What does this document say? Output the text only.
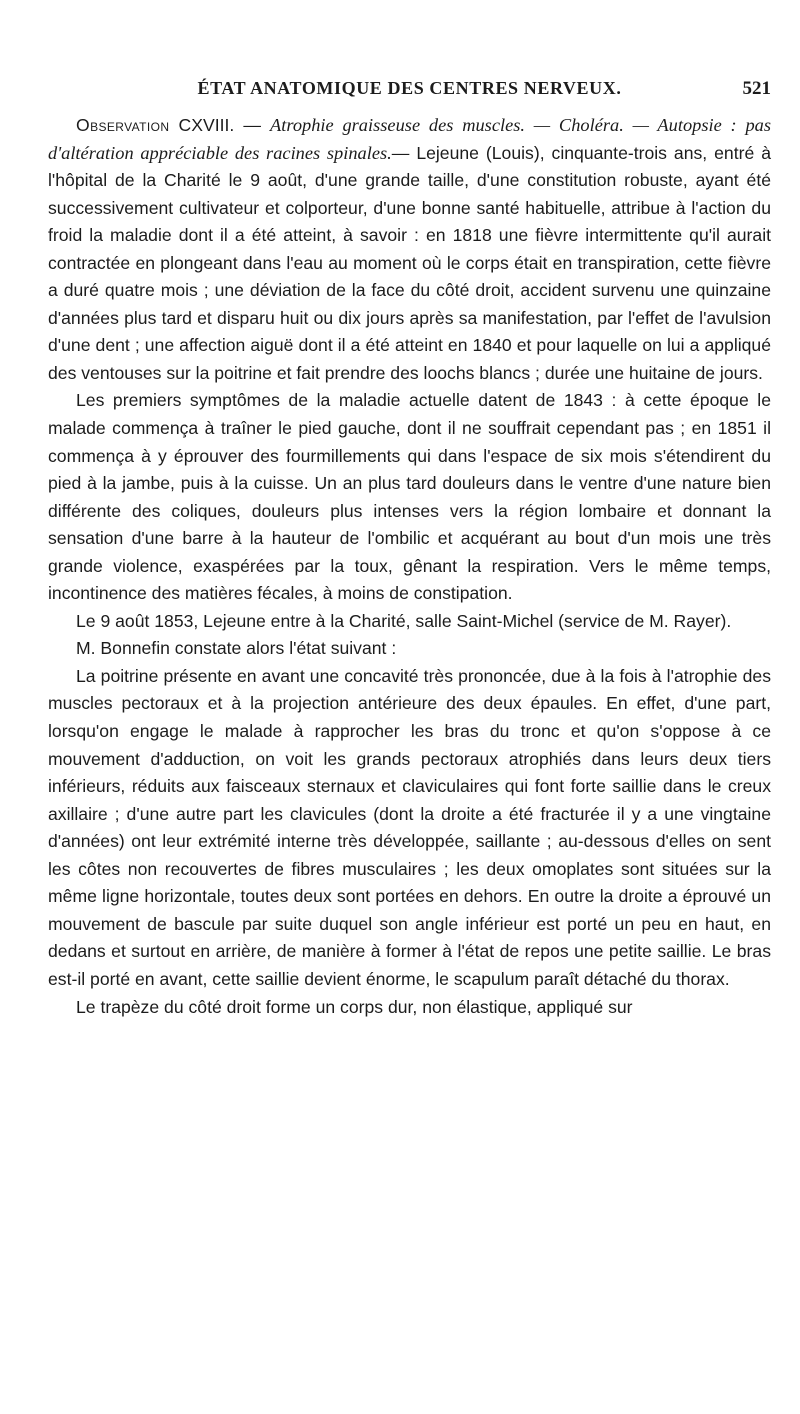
ÉTAT ANATOMIQUE DES CENTRES NERVEUX.	521

Observation CXVIII. — Atrophie graisseuse des muscles. — Choléra. — Autopsie : pas d'altération appréciable des racines spinales.— Lejeune (Louis), cinquante-trois ans, entré à l'hôpital de la Charité le 9 août, d'une grande taille, d'une constitution robuste, ayant été successivement cultivateur et colporteur, d'une bonne santé habituelle, attribue à l'action du froid la maladie dont il a été atteint, à savoir : en 1818 une fièvre intermittente qu'il aurait contractée en plongeant dans l'eau au moment où le corps était en transpiration, cette fièvre a duré quatre mois ; une déviation de la face du côté droit, accident survenu une quinzaine d'années plus tard et disparu huit ou dix jours après sa manifestation, par l'effet de l'avulsion d'une dent ; une affection aiguë dont il a été atteint en 1840 et pour laquelle on lui a appliqué des ventouses sur la poitrine et fait prendre des loochs blancs ; durée une huitaine de jours.

Les premiers symptômes de la maladie actuelle datent de 1843 : à cette époque le malade commença à traîner le pied gauche, dont il ne souffrait cependant pas ; en 1851 il commença à y éprouver des fourmillements qui dans l'espace de six mois s'étendirent du pied à la jambe, puis à la cuisse. Un an plus tard douleurs dans le ventre d'une nature bien différente des coliques, douleurs plus intenses vers la région lombaire et donnant la sensation d'une barre à la hauteur de l'ombilic et acquérant au bout d'un mois une très grande violence, exaspérées par la toux, gênant la respiration. Vers le même temps, incontinence des matières fécales, à moins de constipation.

Le 9 août 1853, Lejeune entre à la Charité, salle Saint-Michel (service de M. Rayer).

M. Bonnefin constate alors l'état suivant :

La poitrine présente en avant une concavité très prononcée, due à la fois à l'atrophie des muscles pectoraux et à la projection antérieure des deux épaules. En effet, d'une part, lorsqu'on engage le malade à rapprocher les bras du tronc et qu'on s'oppose à ce mouvement d'adduction, on voit les grands pectoraux atrophiés dans leurs deux tiers inférieurs, réduits aux faisceaux sternaux et claviculaires qui font forte saillie dans le creux axillaire ; d'une autre part les clavicules (dont la droite a été fracturée il y a une vingtaine d'années) ont leur extrémité interne très développée, saillante ; au-dessous d'elles on sent les côtes non recouvertes de fibres musculaires ; les deux omoplates sont situées sur la même ligne horizontale, toutes deux sont portées en dehors. En outre la droite a éprouvé un mouvement de bascule par suite duquel son angle inférieur est porté un peu en haut, en dedans et surtout en arrière, de manière à former à l'état de repos une petite saillie. Le bras est-il porté en avant, cette saillie devient énorme, le scapulum paraît détaché du thorax.

Le trapèze du côté droit forme un corps dur, non élastique, appliqué sur
